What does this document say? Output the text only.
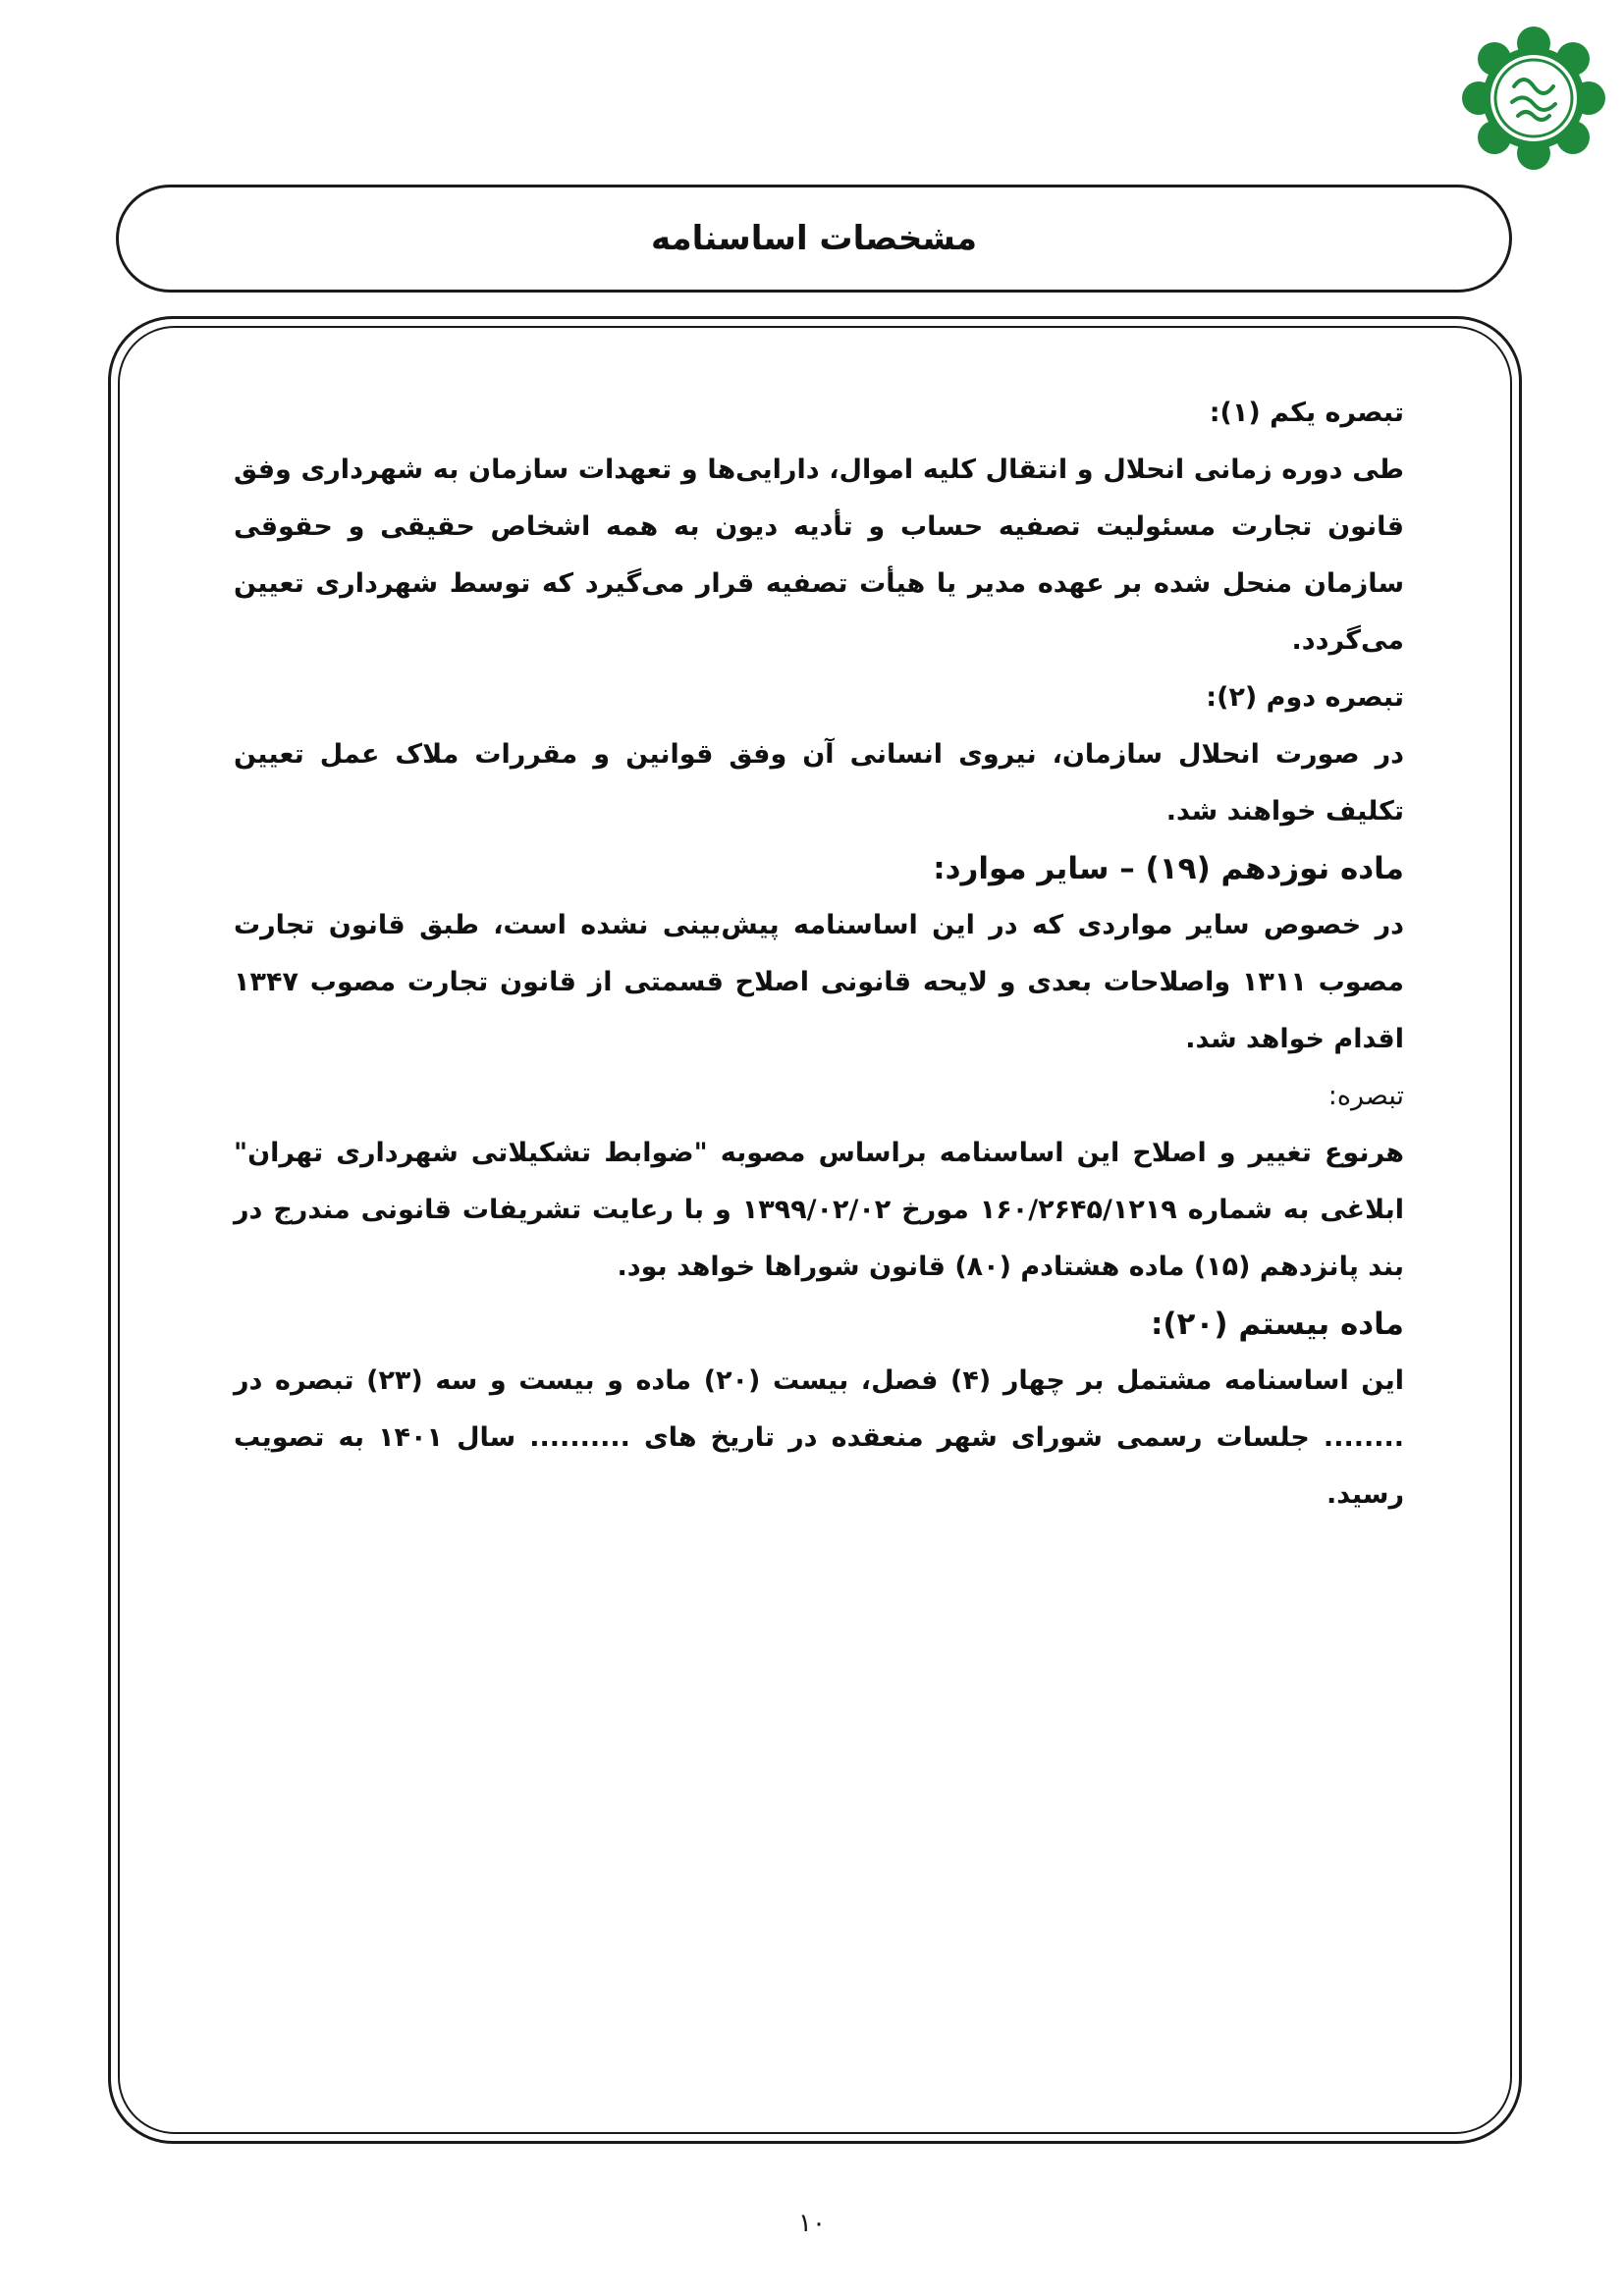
مشخصات اساسنامه

تبصره یکم (۱):

طی دوره زمانی انحلال و انتقال کلیه اموال، دارایی‌ها و تعهدات سازمان به شهرداری وفق قانون تجارت مسئولیت تصفیه حساب و تأدیه دیون به همه اشخاص حقیقی و حقوقی سازمان منحل شده بر عهده مدیر یا هیأت تصفیه قرار می‌گیرد که توسط شهرداری تعیین می‌گردد.

تبصره دوم (۲):

در صورت انحلال سازمان، نیروی انسانی آن وفق قوانین و مقررات ملاک عمل تعیین تکلیف خواهند شد.

ماده نوزدهم (۱۹) – سایر موارد:

در خصوص سایر مواردی که در این اساسنامه پیش‌بینی نشده است، طبق قانون تجارت مصوب ۱۳۱۱ واصلاحات بعدی و لایحه قانونی اصلاح قسمتی از قانون تجارت مصوب ۱۳۴۷ اقدام خواهد شد.

تبصره:

هرنوع تغییر و اصلاح این اساسنامه براساس مصوبه "ضوابط تشکیلاتی شهرداری تهران" ابلاغی به شماره ۱۶۰/۲۶۴۵/۱۲۱۹ مورخ ۱۳۹۹/۰۲/۰۲ و با رعایت تشریفات قانونی مندرج در بند پانزدهم (۱۵) ماده هشتادم (۸۰) قانون شوراها خواهد بود.

ماده بیستم (۲۰):

این اساسنامه مشتمل بر چهار (۴) فصل، بیست (۲۰) ماده و بیست و سه (۲۳) تبصره در ........ جلسات رسمی شورای شهر منعقده در تاریخ های .......... سال ۱۴۰۱ به تصویب رسید.

۱۰
